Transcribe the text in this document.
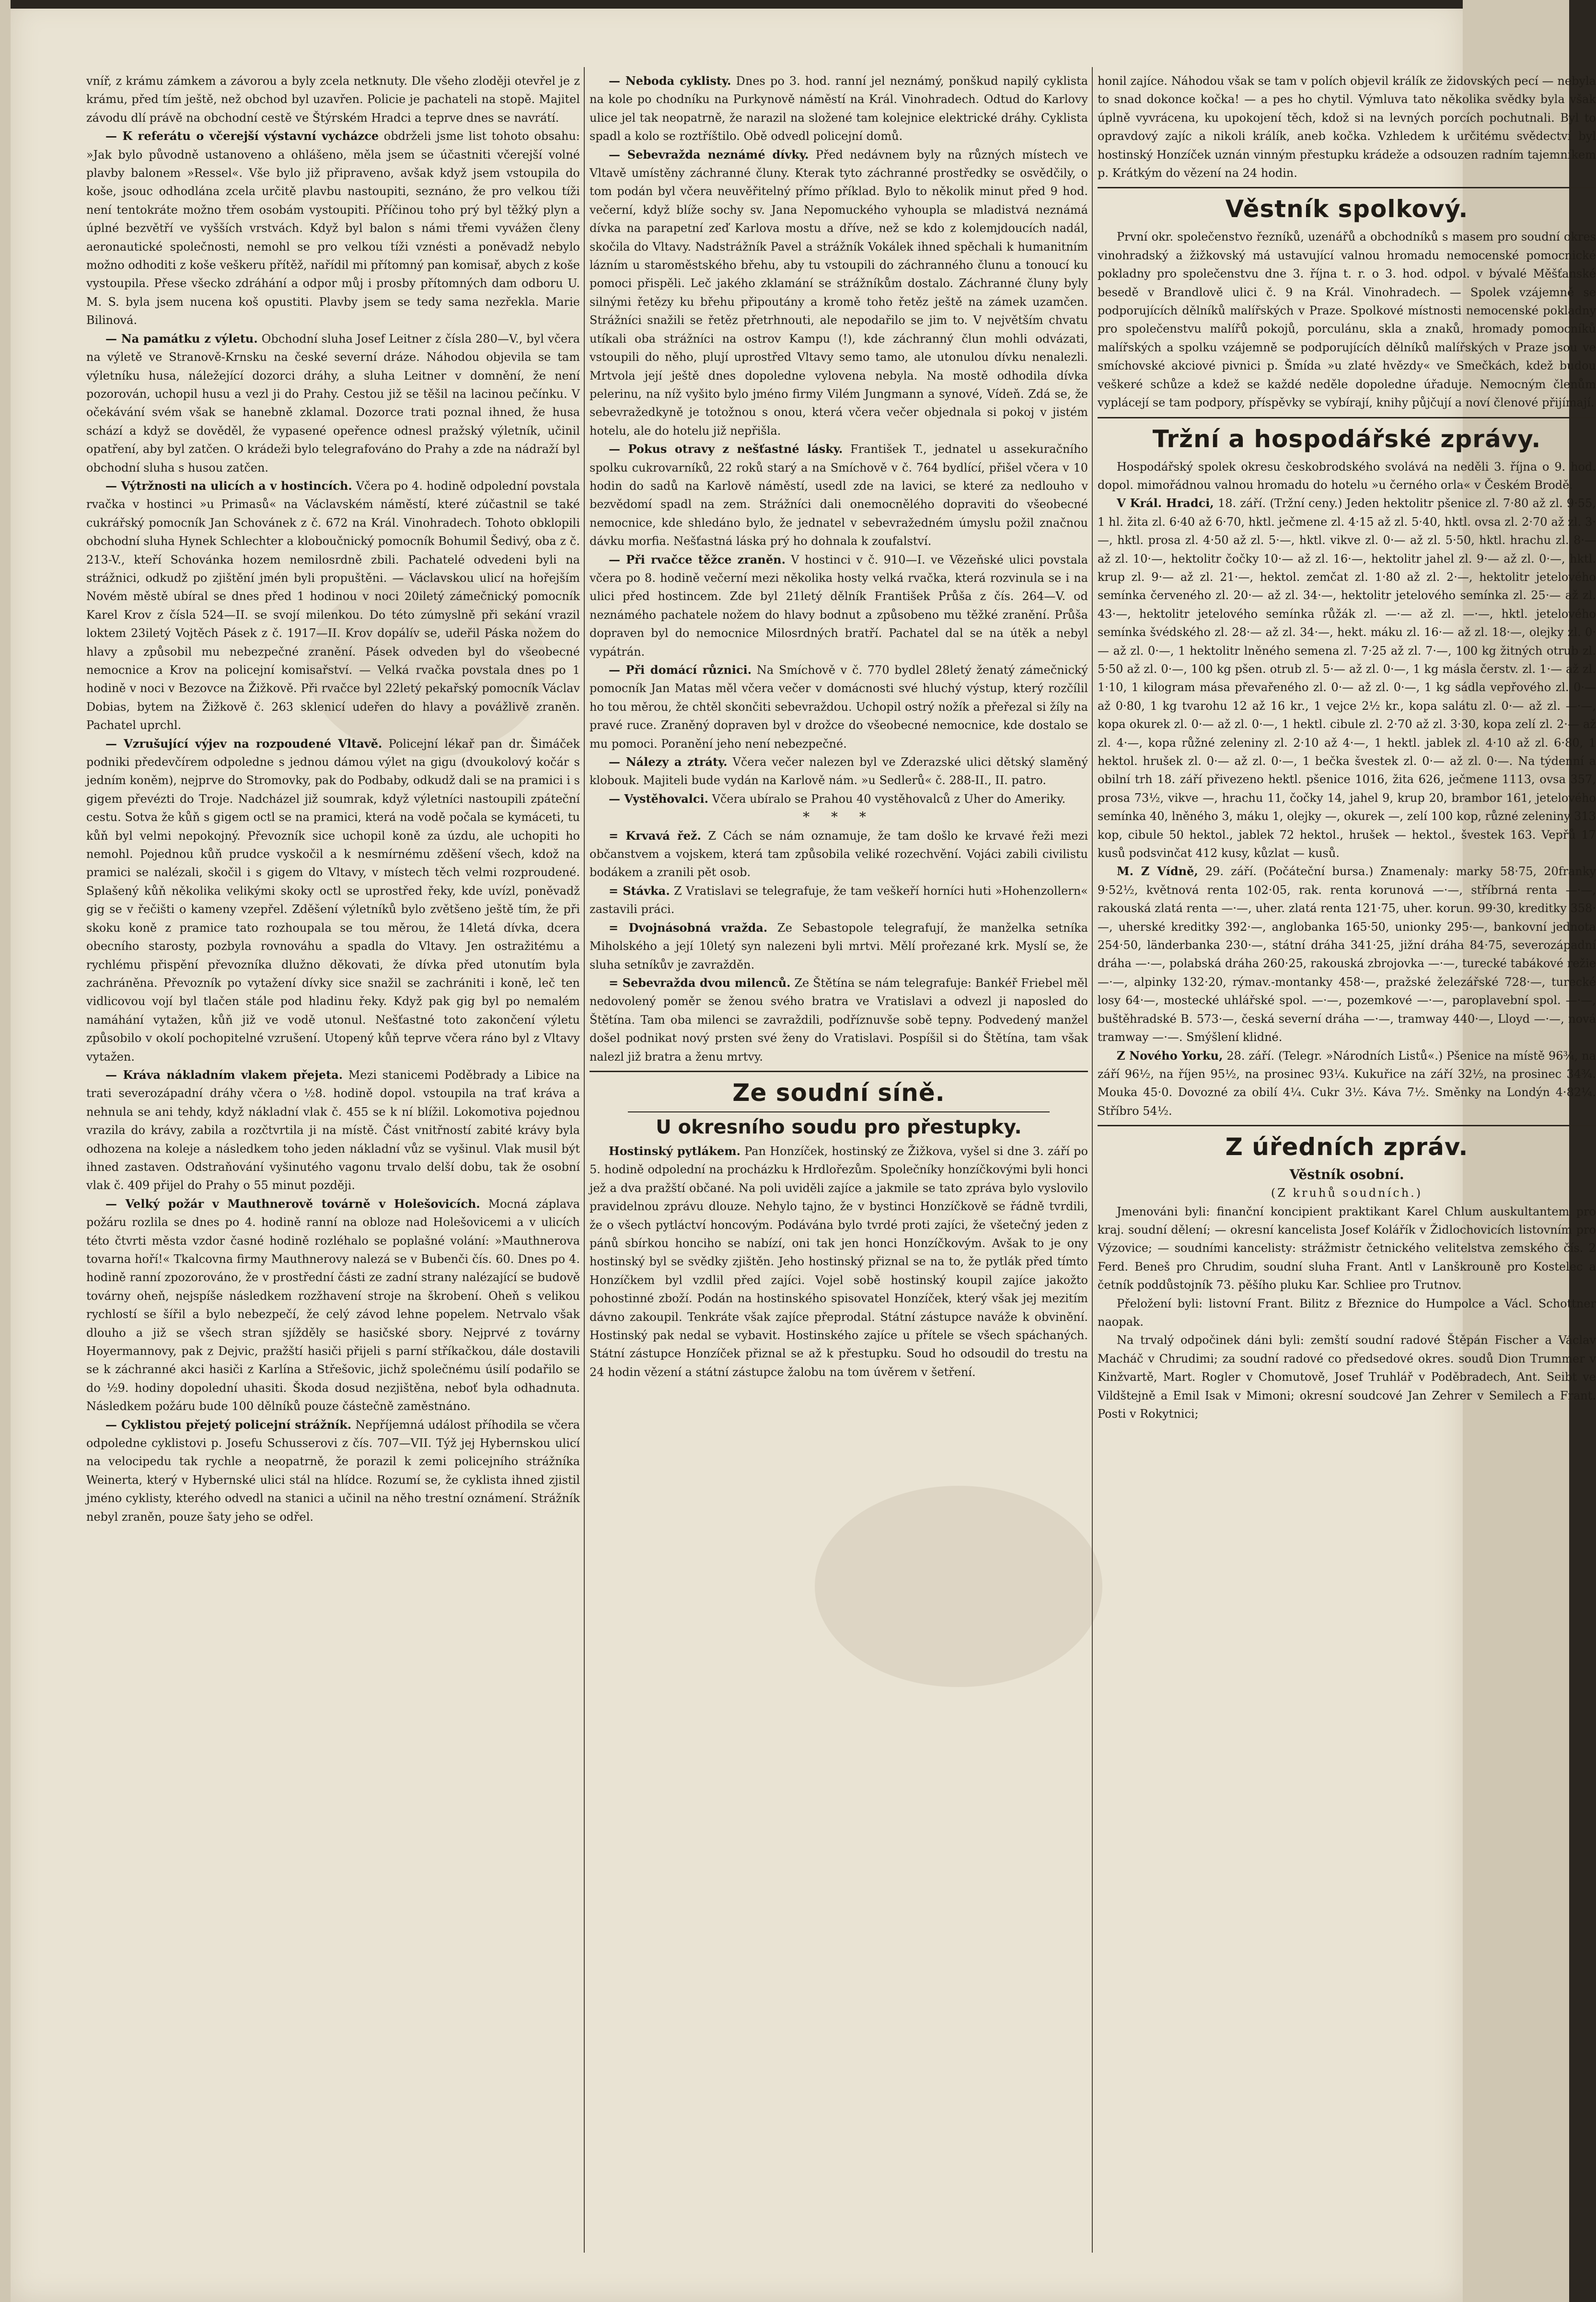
vníř, z krámu zámkem a závorou a byly zcela netknuty. Dle všeho zloději otevřel je z krámu, před tím ještě, než obchod byl uzavřen. Policie je pachateli na stopě. Majitel závodu dlí právě na obchodní cestě ve Štýrském Hradci a teprve dnes se navrátí.

— K referátu o včerejší výstavní vycházce obdrželi jsme list tohoto obsahu: »Jak bylo původně ustanoveno a ohlášeno, měla jsem se účastniti včerejší volné plavby balonem »Ressel«. Vše bylo již připraveno, avšak když jsem vstoupila do koše, jsouc odhodlána zcela určitě plavbu nastoupiti, seznáno, že pro velkou tíži není tentokráte možno třem osobám vystoupiti. Příčinou toho prý byl těžký plyn a úplné bezvětří ve vyšších vrstvách. Když byl balon s námi třemi vyvážen členy aeronautické společnosti, nemohl se pro velkou tíži vznésti a poněvadž nebylo možno odhoditi z koše veškeru přítěž, nařídil mi přítomný pan komisař, abych z koše vystoupila. Přese všecko zdráhání a odpor můj i prosby přítomných dam odboru U. M. S. byla jsem nucena koš opustiti. Plavby jsem se tedy sama nezřekla. Marie Bilinová.

— Na památku z výletu. Obchodní sluha Josef Leitner z čísla 280—V., byl včera na výletě ve Stranově-Krnsku na české severní dráze. Náhodou objevila se tam výletníku husa, náležející dozorci dráhy, a sluha Leitner v domnění, že není pozorován, uchopil husu a vezl ji do Prahy. Cestou již se těšil na lacinou pečínku. V očekávání svém však se hanebně zklamal. Dozorce trati poznal ihned, že husa schází a když se dověděl, že vypasené opeřence odnesl pražský výletník, učinil opatření, aby byl zatčen. O krádeži bylo telegrafováno do Prahy a zde na nádraží byl obchodní sluha s husou zatčen.

— Výtržnosti na ulicích a v hostincích. Včera po 4. hodině odpolední povstala rvačka v hostinci »u Primasů« na Václavském náměstí, které zúčastnil se také cukrářský pomocník Jan Schovánek z č. 672 na Král. Vinohradech. Tohoto obklopili obchodní sluha Hynek Schlechter a kloboučnický pomocník Bohumil Šedivý, oba z č. 213-V., kteří Schovánka hozem nemilosrdně zbili. Pachatelé odvedeni byli na strážnici, odkudž po zjištění jmén byli propuštěni. — Václavskou ulicí na hořejším Novém městě ubíral se dnes před 1 hodinou v noci 20iletý zámečnický pomocník Karel Krov z čísla 524—II. se svojí milenkou. Do této zúmyslně při sekání vrazil loktem 23iletý Vojtěch Pásek z č. 1917—II. Krov dopálív se, udeřil Páska nožem do hlavy a způsobil mu nebezpečné zranění. Pásek odveden byl do všeobecné nemocnice a Krov na policejní komisařství. — Velká rvačka povstala dnes po 1 hodině v noci v Bezovce na Žižkově. Při rvačce byl 22letý pekařský pomocník Václav Dobias, bytem na Žižkově č. 263 sklenicí udeřen do hlavy a povážlivě zraněn. Pachatel uprchl.

— Vzrušující výjev na rozpoudené Vltavě. Policejní lékař pan dr. Šimáček podniki předevčírem odpoledne s jednou dámou výlet na gigu (dvoukolový kočár s jedním koněm), nejprve do Stromovky, pak do Podbaby, odkudž dali se na pramici i s gigem převézti do Troje. Nadcházel již soumrak, když výletníci nastoupili zpáteční cestu. Sotva že kůň s gigem octl se na pramici, která na vodě počala se kymáceti, tu kůň byl velmi nepokojný. Převozník sice uchopil koně za úzdu, ale uchopiti ho nemohl. Pojednou kůň prudce vyskočil a k nesmírnému zděšení všech, kdož na pramici se nalézali, skočil i s gigem do Vltavy, v místech těch velmi rozproudené. Splašený kůň několika velikými skoky octl se uprostřed řeky, kde uvízl, poněvadž gig se v řečišti o kameny vzepřel. Zděšení výletníků bylo zvětšeno ještě tím, že při skoku koně z pramice tato rozhoupala se tou měrou, že 14letá dívka, dcera obecního starosty, pozbyla rovnováhu a spadla do Vltavy. Jen ostražitému a rychlému přispění převozníka dlužno děkovati, že dívka před utonutím byla zachráněna. Převozník po vytažení dívky sice snažil se zachrániti i koně, leč ten vidlicovou vojí byl tlačen stále pod hladinu řeky. Když pak gig byl po nemalém namáhání vytažen, kůň již ve vodě utonul. Nešťastné toto zakončení výletu způsobilo v okolí pochopitelné vzrušení. Utopený kůň teprve včera ráno byl z Vltavy vytažen.

— Kráva nákladním vlakem přejeta. Mezi stanicemi Poděbrady a Libice na trati severozápadní dráhy včera o ½8. hodině dopol. vstoupila na trať kráva a nehnula se ani tehdy, když nákladní vlak č. 455 se k ní blížil. Lokomotiva pojednou vrazila do krávy, zabila a rozčtvrtila ji na místě. Část vnitřností zabité krávy byla odhozena na koleje a následkem toho jeden nákladní vůz se vyšinul. Vlak musil být ihned zastaven. Odstraňování vyšinutého vagonu trvalo delší dobu, tak že osobní vlak č. 409 přijel do Prahy o 55 minut později.

— Velký požár v Mauthnerově továrně v Holešovicích. Mocná záplava požáru rozlila se dnes po 4. hodině ranní na obloze nad Holešovicemi a v ulicích této čtvrti města vzdor časné hodině rozléhalo se poplašné volání: »Mauthnerova tovarna hoří!« Tkalcovna firmy Mauthnerovy nalezá se v Bubenči čís. 60. Dnes po 4. hodině ranní zpozorováno, že v prostřední části ze zadní strany nalézající se budově továrny oheň, nejspíše následkem rozžhavení stroje na škrobení. Oheň s velikou rychlostí se šířil a bylo nebezpečí, že celý závod lehne popelem. Netrvalo však dlouho a již se všech stran sjížděly se hasičské sbory. Nejprvé z továrny Hoyermannovy, pak z Dejvic, pražští hasiči přijeli s parní stříkačkou, dále dostavili se k záchranné akci hasiči z Karlína a Střešovic, jichž společnému úsilí podařilo se do ½9. hodiny dopolední uhasiti. Škoda dosud nezjištěna, neboť byla odhadnuta. Následkem požáru bude 100 dělníků pouze částečně zaměstnáno.

— Cyklistou přejetý policejní strážník. Nepříjemná událost příhodila se včera odpoledne cyklistovi p. Josefu Schusserovi z čís. 707—VII. Týž jej Hybernskou ulicí na velocipedu tak rychle a neopatrně, že porazil k zemi policejního strážníka Weinerta, který v Hybernské ulici stál na hlídce. Rozumí se, že cyklista ihned zjistil jméno cyklisty, kterého odvedl na stanici a učinil na něho trestní oznámení. Strážník nebyl zraněn, pouze šaty jeho se odřel.

— Neboda cyklisty. Dnes po 3. hod. ranní jel neznámý, ponškud napilý cyklista na kole po chodníku na Purkynově náměstí na Král. Vinohradech. Odtud do Karlovy ulice jel tak neopatrně, že narazil na složené tam kolejnice elektrické dráhy. Cyklista spadl a kolo se roztříštilo. Obě odvedl policejní domů.

— Sebevražda neznámé dívky. Před nedávnem byly na různých místech ve Vltavě umístěny záchranné čluny. Kterak tyto záchranné prostředky se osvědčily, o tom podán byl včera neuvěřitelný přímo příklad. Bylo to několik minut před 9 hod. večerní, když blíže sochy sv. Jana Nepomuckého vyhoupla se mladistvá neznámá dívka na parapetní zeď Karlova mostu a dříve, než se kdo z kolemjdoucích nadál, skočila do Vltavy. Nadstrážník Pavel a strážník Vokálek ihned spěchali k humanitním lázním u staroměstského břehu, aby tu vstoupili do záchranného člunu a tonoucí ku pomoci přispěli. Leč jakého zklamání se strážníkům dostalo. Záchranné čluny byly silnými řetězy ku břehu připoutány a kromě toho řetěz ještě na zámek uzamčen. Strážníci snažili se řetěz přetrhnouti, ale nepodařilo se jim to. V největším chvatu utíkali oba strážníci na ostrov Kampu (!), kde záchranný člun mohli odvázati, vstoupili do něho, plují uprostřed Vltavy semo tamo, ale utonulou dívku nenalezli. Mrtvola její ještě dnes dopoledne vylovena nebyla. Na mostě odhodila dívka pelerinu, na níž vyšito bylo jméno firmy Vilém Jungmann a synové, Vídeň. Zdá se, že sebevražedkyně je totožnou s onou, která včera večer objednala si pokoj v jistém hotelu, ale do hotelu již nepřišla.

— Pokus otravy z nešťastné lásky. František T., jednatel u assekuračního spolku cukrovarníků, 22 roků starý a na Smíchově v č. 764 bydlící, přišel včera v 10 hodin do sadů na Karlově náměstí, usedl zde na lavici, se které za nedlouho v bezvědomí spadl na zem. Strážníci dali onemocnělého dopraviti do všeobecné nemocnice, kde shledáno bylo, že jednatel v sebevražedném úmyslu požil značnou dávku morfia. Nešťastná láska prý ho dohnala k zoufalství.

— Při rvačce těžce zraněn. V hostinci v č. 910—I. ve Vězeňské ulici povstala včera po 8. hodině večerní mezi několika hosty velká rvačka, která rozvinula se i na ulici před hostincem. Zde byl 21letý dělník František Průša z čís. 264—V. od neznámého pachatele nožem do hlavy bodnut a způsobeno mu těžké zranění. Průša dopraven byl do nemocnice Milosrdných bratří. Pachatel dal se na útěk a nebyl vypátrán.

— Při domácí různici. Na Smíchově v č. 770 bydlel 28letý ženatý zámečnický pomocník Jan Matas měl včera večer v domácnosti své hluchý výstup, který rozčílil ho tou měrou, že chtěl skončiti sebevraždou. Uchopil ostrý nožík a přeřezal si žíly na pravé ruce. Zraněný dopraven byl v drožce do všeobecné nemocnice, kde dostalo se mu pomoci. Poranění jeho není nebezpečné.

— Nálezy a ztráty. Včera večer nalezen byl ve Zderazské ulici dětský slaměný klobouk. Majiteli bude vydán na Karlově nám. »u Sedlerů« č. 288-II., II. patro.

— Vystěhovalci. Včera ubíralo se Prahou 40 vystěhovalců z Uher do Ameriky.

* * *

= Krvavá řež. Z Cách se nám oznamuje, že tam došlo ke krvavé řeži mezi občanstvem a vojskem, která tam způsobila veliké rozechvění. Vojáci zabili civilistu bodákem a zranili pět osob.

= Stávka. Z Vratislavi se telegrafuje, že tam veškeří horníci huti »Hohenzollern« zastavili práci.

= Dvojnásobná vražda. Ze Sebastopole telegrafují, že manželka setníka Miholského a její 10letý syn nalezeni byli mrtvi. Mělí prořezané krk. Myslí se, že sluha setníkův je zavražděn.

= Sebevražda dvou milenců. Ze Štětína se nám telegrafuje: Bankéř Friebel měl nedovolený poměr se ženou svého bratra ve Vratislavi a odvezl ji naposled do Štětína. Tam oba milenci se zavraždili, podříznuvše sobě tepny. Podvedený manžel došel podnikat nový prsten své ženy do Vratislavi. Pospíšil si do Štětína, tam však nalezl již bratra a ženu mrtvy.

Ze soudní síně.
U okresního soudu pro přestupky.

Hostinský pytlákem. Pan Honzíček, hostinský ze Žižkova, vyšel si dne 3. září po 5. hodině odpolední na procházku k Hrdlořezům. Společníky honzíčkovými byli honci jež a dva pražští občané. Na poli uviděli zajíce a jakmile se tato zpráva bylo vyslovilo pravidelnou zprávu dlouze. Nehylo tajno, že v bystinci Honzíčkově se řádně tvrdili, že o všech pytláctví honcovým. Podávána bylo tvrdé proti zajíci, že všetečný jeden z pánů sbírkou honciho se nabízí, oni tak jen honci Honzíčkovým. Avšak to je ony hostinský byl se svědky zjištěn. Jeho hostinský přiznal se na to, že pytlák před tímto Honzíčkem byl vzdlil před zajíci. Vojel sobě hostinský koupil zajíce jakožto pohostinné zboží. Podán na hostinského spisovatel Honzíček, který však jej mezitím dávno zakoupil. Tenkráte však zajíce přeprodal. Státní zástupce naváže k obvinění. Hostinský pak nedal se vybavit. Hostinského zajíce u přítele se všech spáchaných. Státní zástupce Honzíček přiznal se až k přestupku. Soud ho odsoudil do trestu na 24 hodin vězení a státní zástupce žalobu na tom úvěrem v šetření.

honil zajíce. Náhodou však se tam v polích objevil králík ze židovských pecí — nebyla to snad dokonce kočka! — a pes ho chytil. Výmluva tato několika svědky byla však úplně vyvrácena, ku upokojení těch, kdož si na levných porcích pochutnali. Byl to opravdový zajíc a nikoli králík, aneb kočka. Vzhledem k určitému svědectví byl hostinský Honzíček uznán vinným přestupku krádeže a odsouzen radním tajemníkem p. Krátkým do vězení na 24 hodin.

Věstník spolkový.

První okr. společenstvo řezníků, uzenářů a obchodníků s masem pro soudní okres vinohradský a žižkovský má ustavující valnou hromadu nemocenské pomocnické pokladny pro společenstvu dne 3. října t. r. o 3. hod. odpol. v bývalé Měšťanské besedě v Brandlově ulici č. 9 na Král. Vinohradech. — Spolek vzájemně se podporujících dělníků malířských v Praze. Spolkové místnosti nemocenské pokladny pro společenstvu malířů pokojů, porculánu, skla a znaků, hromady pomocníků malířských a spolku vzájemně se podporujících dělníků malířských v Praze jsou ve smíchovské akciové pivnici p. Šmída »u zlaté hvězdy« ve Smečkách, kdež budou veškeré schůze a kdež se každé neděle dopoledne úřaduje. Nemocným členům vyplácejí se tam podpory, příspěvky se vybírají, knihy půjčují a noví členové přijímají.

Tržní a hospodářské zprávy.

Hospodářský spolek okresu českobrodského svolává na neděli 3. října o 9. hod. dopol. mimořádnou valnou hromadu do hotelu »u černého orla« v Českém Brodě.

V Král. Hradci, 18. září. (Tržní ceny.) Jeden hektolitr pšenice zl. 7·80 až zl. 9·55, 1 hl. žita zl. 6·40 až 6·70, hktl. ječmene zl. 4·15 až zl. 5·40, hktl. ovsa zl. 2·70 až zl. 3·—, hktl. prosa zl. 4·50 až zl. 5·—, hktl. vikve zl. 0·— až zl. 5·50, hktl. hrachu zl. 8·— až zl. 10·—, hektolitr čočky 10·— až zl. 16·—, hektolitr jahel zl. 9·— až zl. 0·—, hktl. krup zl. 9·— až zl. 21·—, hektol. zemčat zl. 1·80 až zl. 2·—, hektolitr jetelového semínka červeného zl. 20·— až zl. 34·—, hektolitr jetelového semínka zl. 25·— až zl. 43·—, hektolitr jetelového semínka růžák zl. —·— až zl. —·—, hktl. jetelového semínka švédského zl. 28·— až zl. 34·—, hekt. máku zl. 16·— až zl. 18·—, olejky zl. 0·— až zl. 0·—, 1 hektolitr lněného semena zl. 7·25 až zl. 7·—, 100 kg žitných otrub zl. 5·50 až zl. 0·—, 100 kg pšen. otrub zl. 5·— až zl. 0·—, 1 kg másla čerstv. zl. 1·— až zl. 1·10, 1 kilogram mása převařeného zl. 0·— až zl. 0·—, 1 kg sádla vepřového zl. 0·— až 0·80, 1 kg tvarohu 12 až 16 kr., 1 vejce 2½ kr., kopa salátu zl. 0·— až zl. —·—, kopa okurek zl. 0·— až zl. 0·—, 1 hektl. cibule zl. 2·70 až zl. 3·30, kopa zelí zl. 2·— až zl. 4·—, kopa růžné zeleniny zl. 2·10 až 4·—, 1 hektl. jablek zl. 4·10 až zl. 6·80, 1 hektol. hrušek zl. 0·— až zl. 0·—, 1 bečka švestek zl. 0·— až zl. 0·—. Na týdenní a obilní trh 18. září přivezeno hektl. pšenice 1016, žita 626, ječmene 1113, ovsa 357, prosa 73½, vikve —, hrachu 11, čočky 14, jahel 9, krup 20, brambor 161, jetelového semínka 40, lněného 3, máku 1, olejky —, okurek —, zelí 100 kop, různé zeleniny 313 kop, cibule 50 hektol., jablek 72 hektol., hrušek — hektol., švestek 163. Vepřů 17 kusů podsvinčat 412 kusy, kůzlat — kusů.

M. Z Vídně, 29. září. (Počáteční bursa.) Znamenaly: marky 58·75, 20franky 9·52½, květnová renta 102·05, rak. renta korunová —·—, stříbrná renta —·—, rakouská zlatá renta —·—, uher. zlatá renta 121·75, uher. korun. 99·30, kreditky 358·—, uherské kreditky 392·—, anglobanka 165·50, unionky 295·—, bankovní jednota 254·50, länderbanka 230·—, státní dráha 341·25, jižní dráha 84·75, severozápadní dráha —·—, polabská dráha 260·25, rakouská zbrojovka —·—, turecké tabákové režie —·—, alpinky 132·20, rýmav.-montanky 458·—, pražské železářské 728·—, turecké losy 64·—, mostecké uhlářské spol. —·—, pozemkové —·—, paroplavební spol. —·—, buštěhradské B. 573·—, česká severní dráha —·—, tramway 440·—, Lloyd —·—, nová tramway —·—. Smýšlení klidné.

Z Nového Yorku, 28. září. (Telegr. »Národních Listů«.) Pšenice na místě 96¾, na září 96½, na říjen 95½, na prosinec 93¼. Kukuřice na září 32½, na prosinec 34¾. Mouka 45·0. Dovozné za obilí 4¼. Cukr 3½. Káva 7½. Směnky na Londýn 4·82¼. Stříbro 54½.

Z úředních zpráv.
Věstník osobní.

(Z kruhů soudních.)

Jmenováni byli: finanční koncipient praktikant Karel Chlum auskultantem pro kraj. soudní dělení; — okresní kancelista Josef Kolářík v Židlochovicích listovním pro Výzovice; — soudními kancelisty: strážmistr četnického velitelstva zemského čís. 2 Ferd. Beneš pro Chrudim, soudní sluha Frant. Antl v Lanškrouně pro Kostelec a četník poddůstojník 73. pěšího pluku Kar. Schliee pro Trutnov.

Přeložení byli: listovní Frant. Bilitz z Březnice do Humpolce a Václ. Schottner naopak.

Na trvalý odpočinek dáni byli: zemští soudní radové Štěpán Fischer a Václav Macháč v Chrudimi; za soudní radové co předsedové okres. soudů Dion Trummer v Kinžvartě, Mart. Rogler v Chomutově, Josef Truhlář v Poděbradech, Ant. Seibt ve Vildštejně a Emil Isak v Mimoni; okresní soudcové Jan Zehrer v Semilech a Frant. Posti v Rokytnici;
